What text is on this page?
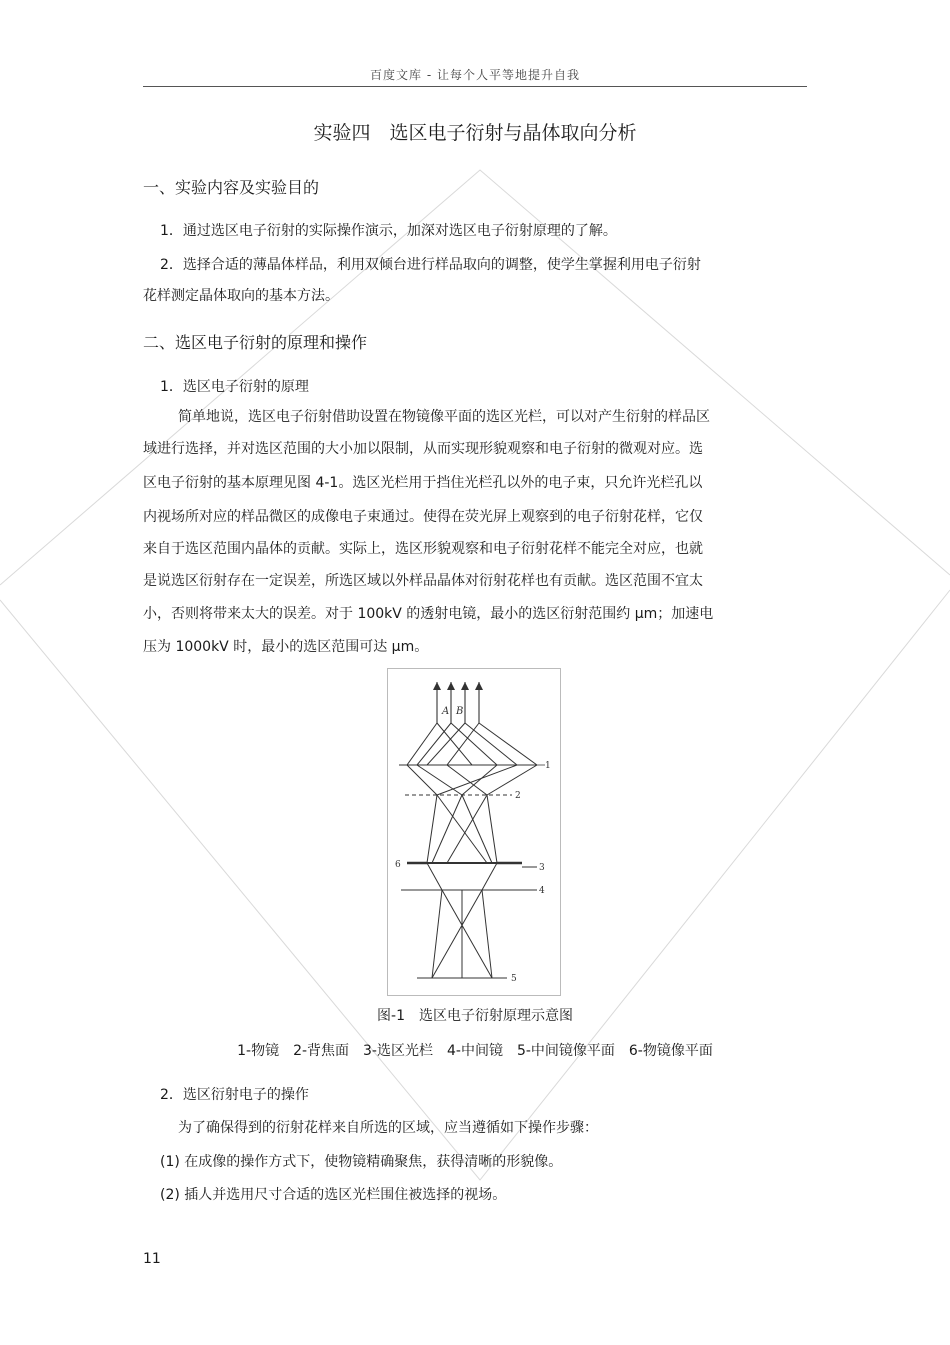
百度文库 - 让每个人平等地提升自我
实验四　选区电子衍射与晶体取向分析
一、实验内容及实验目的
1．通过选区电子衍射的实际操作演示，加深对选区电子衍射原理的了解。
2．选择合适的薄晶体样品，利用双倾台进行样品取向的调整，使学生掌握利用电子衍射
花样测定晶体取向的基本方法。
二、选区电子衍射的原理和操作
1．选区电子衍射的原理
简单地说，选区电子衍射借助设置在物镜像平面的选区光栏，可以对产生衍射的样品区
域进行选择，并对选区范围的大小加以限制，从而实现形貌观察和电子衍射的微观对应。选
区电子衍射的基本原理见图 4-1。选区光栏用于挡住光栏孔以外的电子束，只允许光栏孔以
内视场所对应的样品微区的成像电子束通过。使得在荧光屏上观察到的电子衍射花样，它仅
来自于选区范围内晶体的贡献。实际上，选区形貌观察和电子衍射花样不能完全对应，也就
是说选区衍射存在一定误差，所选区域以外样品晶体对衍射花样也有贡献。选区范围不宜太
小，否则将带来太大的误差。对于 100kV 的透射电镜，最小的选区衍射范围约 μm；加速电
压为 1000kV 时，最小的选区范围可达 μm。
A B
1
2
3
4
5
6
图-1　选区电子衍射原理示意图
1-物镜　2-背焦面　3-选区光栏　4-中间镜　5-中间镜像平面　6-物镜像平面
2．选区衍射电子的操作
为了确保得到的衍射花样来自所选的区域，应当遵循如下操作步骤：
(1) 在成像的操作方式下，使物镜精确聚焦，获得清晰的形貌像。
(2) 插人并选用尺寸合适的选区光栏围住被选择的视场。
11
